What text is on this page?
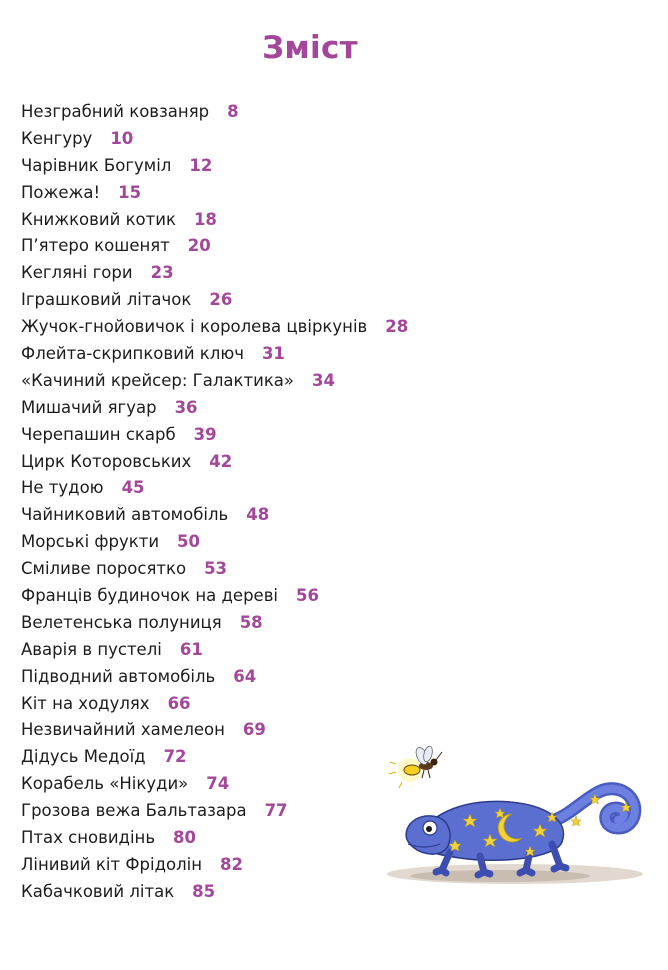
Зміст
Незграбний ковзаняр 8
Кенгуру 10
Чарівник Богуміл 12
Пожежа! 15
Книжковий котик 18
П’ятеро кошенят 20
Кегляні гори 23
Іграшковий літачок 26
Жучок-гнойовичок і королева цвіркунів 28
Флейта-скрипковий ключ 31
«Качиний крейсер: Галактика» 34
Мишачий ягуар 36
Черепашин скарб 39
Цирк Которовських 42
Не тудою 45
Чайниковий автомобіль 48
Морські фрукти 50
Сміливе поросятко 53
Франців будиночок на дереві 56
Велетенська полуниця 58
Аварія в пустелі 61
Підводний автомобіль 64
Кіт на ходулях 66
Незвичайний хамелеон 69
Дідусь Медоїд 72
Корабель «Нікуди» 74
Грозова вежа Бальтазара 77
Птах сновидінь 80
Лінивий кіт Фрідолін 82
Кабачковий літак 85
